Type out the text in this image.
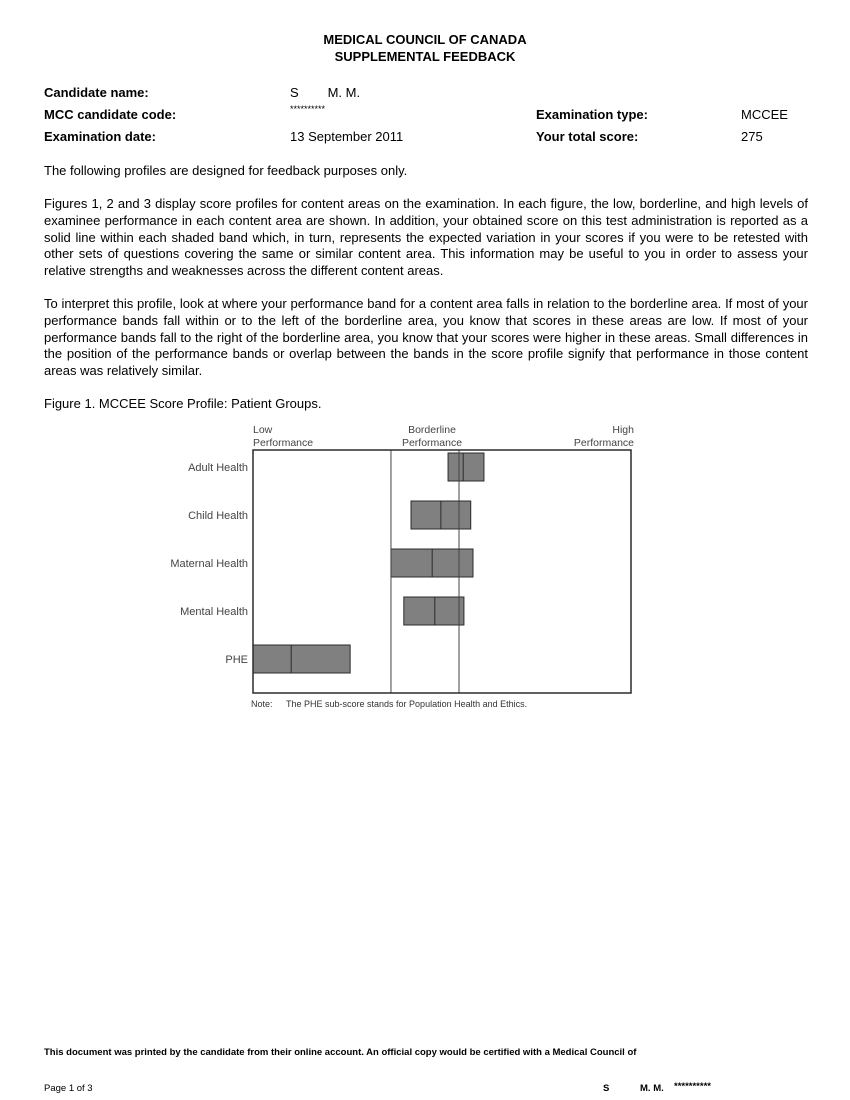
MEDICAL COUNCIL OF CANADA
SUPPLEMENTAL FEEDBACK
Candidate name:	S        M. M.
MCC candidate code:	**********	Examination type:	MCCEE
Examination date:	13 September 2011	Your total score:	275
The following profiles are designed for feedback purposes only.
Figures 1, 2 and 3 display score profiles for content areas on the examination. In each figure, the low, borderline, and high levels of examinee performance in each content area are shown. In addition, your obtained score on this test administration is reported as a solid line within each shaded band which, in turn, represents the expected variation in your scores if you were to be retested with other sets of questions covering the same or similar content area. This information may be useful to you in order to assess your relative strengths and weaknesses across the different content areas.
To interpret this profile, look at where your performance band for a content area falls in relation to the borderline area. If most of your performance bands fall within or to the left of the borderline area, you know that scores in these areas are low. If most of your performance bands fall to the right of the borderline area, you know that your scores were higher in these areas. Small differences in the position of the performance bands or overlap between the bands in the score profile signify that performance in those content areas was relatively similar.
Figure 1. MCCEE Score Profile: Patient Groups.
Low
Performance
Borderline
Performance
High
Performance
Adult Health
Child Health
Maternal Health
Mental Health
PHE
Note: The PHE sub-score stands for Population Health and Ethics.
This document was printed by the candidate from their online account. An official copy would be certified with a Medical Council of
Page 1 of 3	S	M. M. **********
